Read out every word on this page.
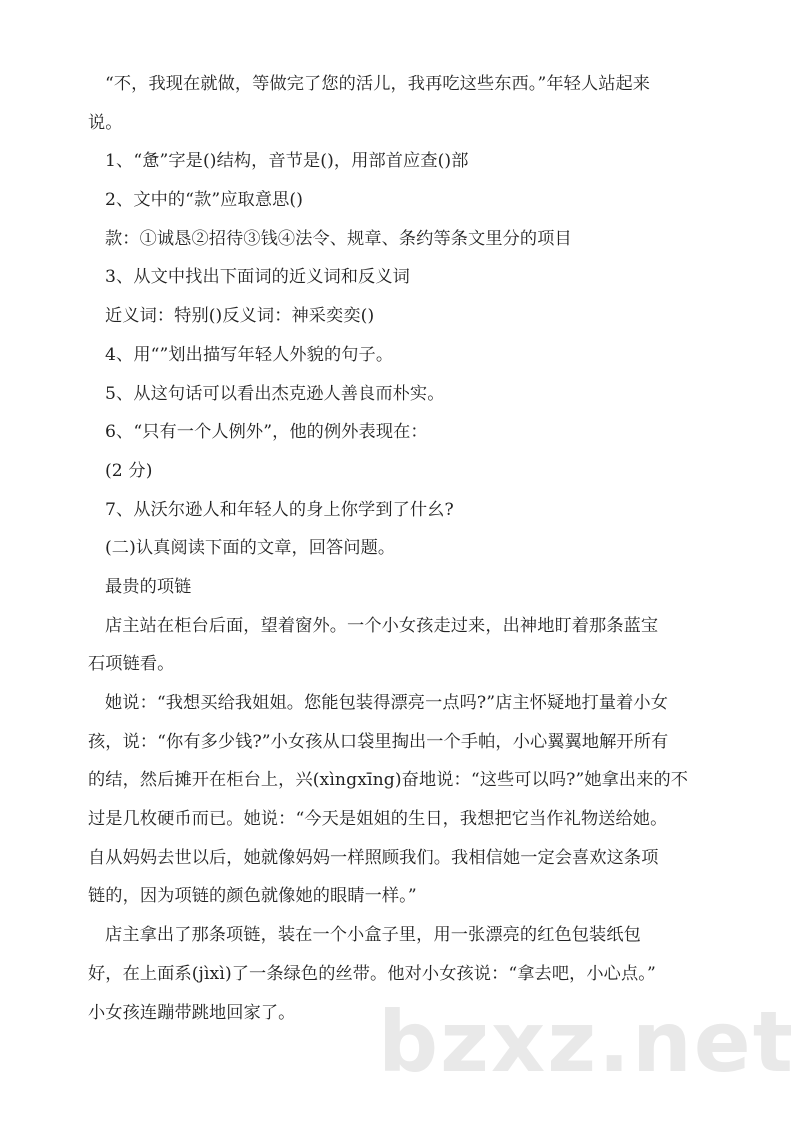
“不，我现在就做，等做完了您的活儿，我再吃这些东西。”年轻人站起来
说。
1、“惫”字是()结构，音节是()，用部首应查()部
2、文中的“款”应取意思()
款：①诚恳②招待③钱④法令、规章、条约等条文里分的项目
3、从文中找出下面词的近义词和反义词
近义词：特别()反义词：神采奕奕()
4、用“”划出描写年轻人外貌的句子。
5、从这句话可以看出杰克逊人善良而朴实。
6、“只有一个人例外”，他的例外表现在：
(2 分)
7、从沃尔逊人和年轻人的身上你学到了什幺?
(二)认真阅读下面的文章，回答问题。
最贵的项链
店主站在柜台后面，望着窗外。一个小女孩走过来，出神地盯着那条蓝宝
石项链看。
她说：“我想买给我姐姐。您能包装得漂亮一点吗?”店主怀疑地打量着小女
孩，说：“你有多少钱?”小女孩从口袋里掏出一个手帕，小心翼翼地解开所有
的结，然后摊开在柜台上，兴(xìngxīng)奋地说：“这些可以吗?”她拿出来的不
过是几枚硬币而已。她说：“今天是姐姐的生日，我想把它当作礼物送给她。
自从妈妈去世以后，她就像妈妈一样照顾我们。我相信她一定会喜欢这条项
链的，因为项链的颜色就像她的眼睛一样。”
店主拿出了那条项链，装在一个小盒子里，用一张漂亮的红色包装纸包
好，在上面系(jìxì)了一条绿色的丝带。他对小女孩说：“拿去吧，小心点。”
小女孩连蹦带跳地回家了。 bzxz.net
